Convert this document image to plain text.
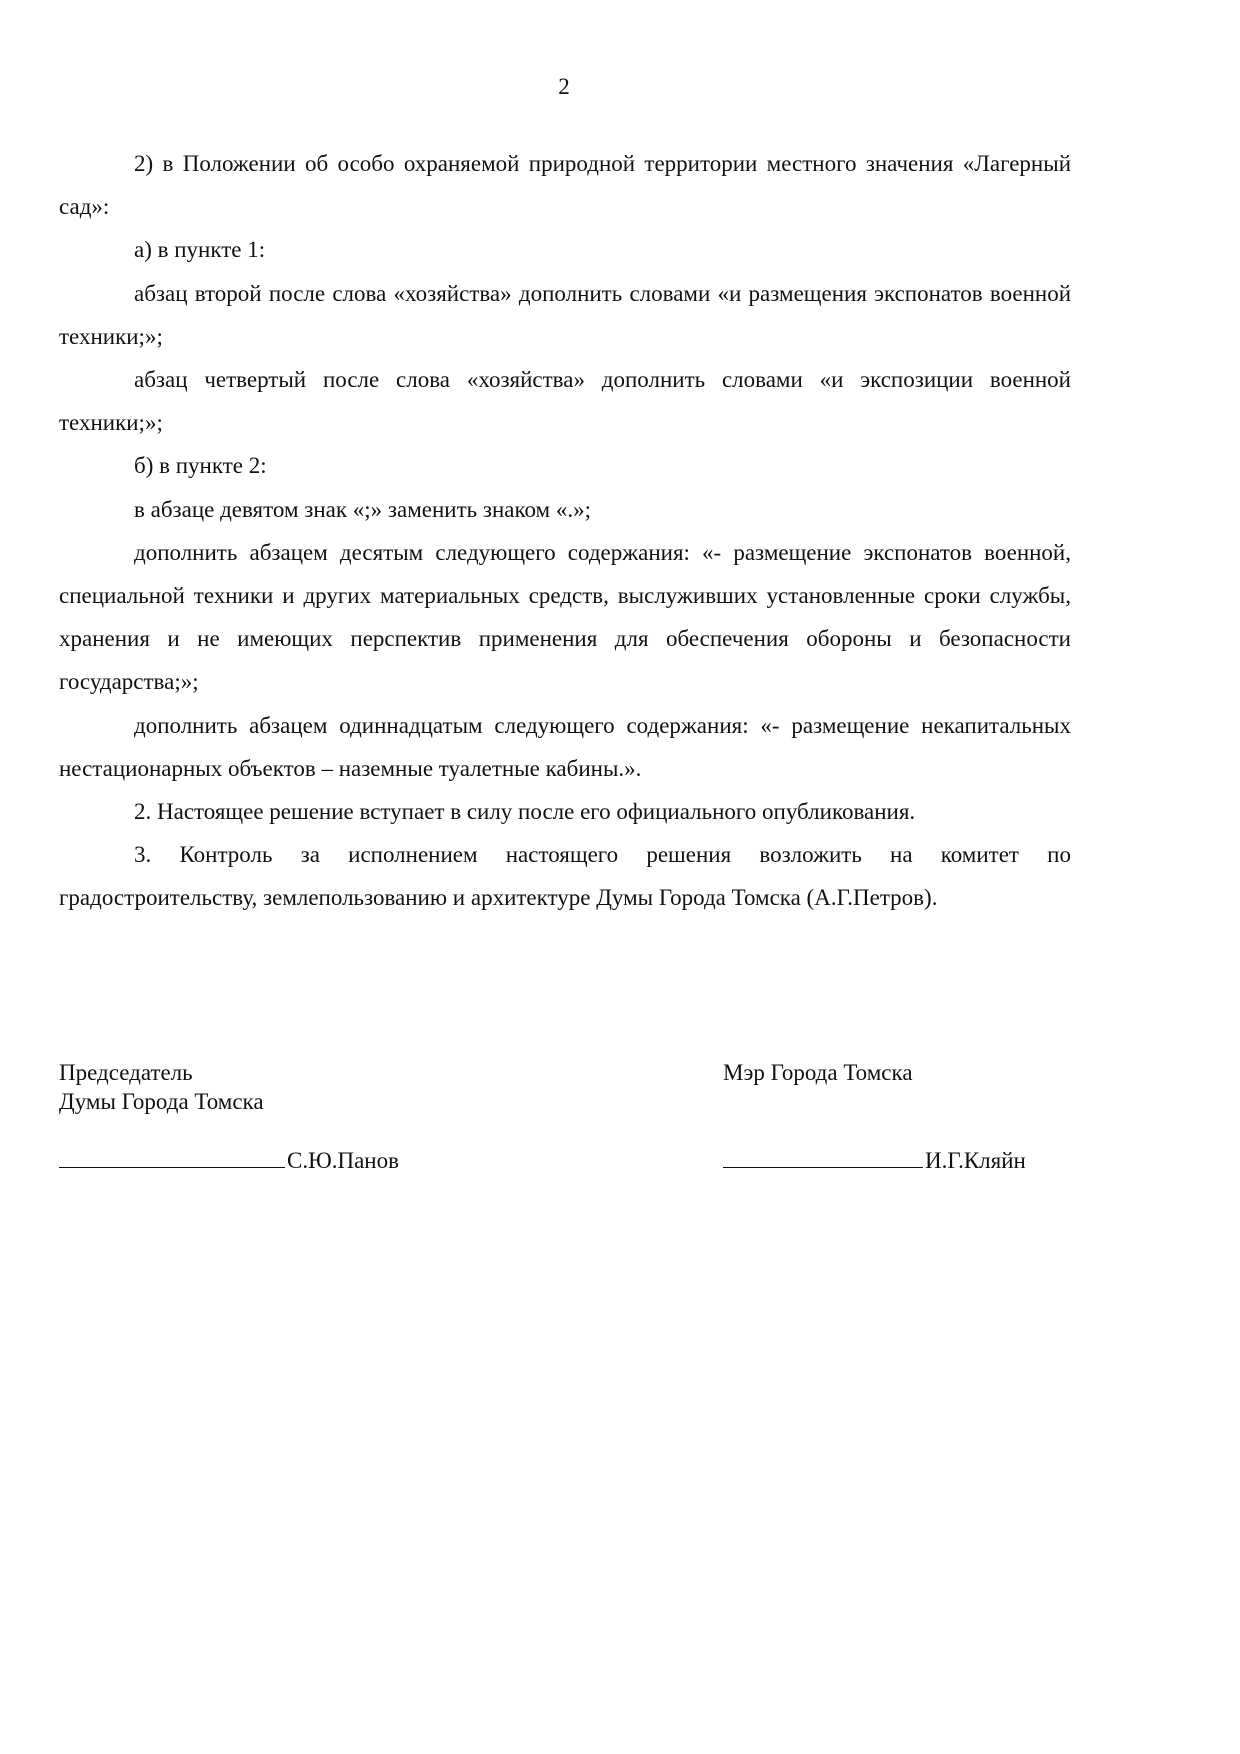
2

2) в Положении об особо охраняемой природной территории местного значения «Лагерный сад»:

а) в пункте 1:

абзац второй после слова «хозяйства» дополнить словами «и размещения экспонатов военной техники;»;

абзац четвертый после слова «хозяйства» дополнить словами «и экспозиции военной техники;»;

б) в пункте 2:

в абзаце девятом знак «;» заменить знаком «.»;

дополнить абзацем десятым следующего содержания: «- размещение экспонатов военной, специальной техники и других материальных средств, выслуживших установленные сроки службы, хранения и не имеющих перспектив применения для обеспечения обороны и безопасности государства;»;

дополнить абзацем одиннадцатым следующего содержания: «- размещение некапитальных нестационарных объектов – наземные туалетные кабины.».

2. Настоящее решение вступает в силу после его официального опубликования.

3. Контроль за исполнением настоящего решения возложить на комитет по градостроительству, землепользованию и архитектуре Думы Города Томска (А.Г.Петров).

Председатель
Думы Города Томска
Мэр Города Томска
С.Ю.Панов	И.Г.Кляйн
